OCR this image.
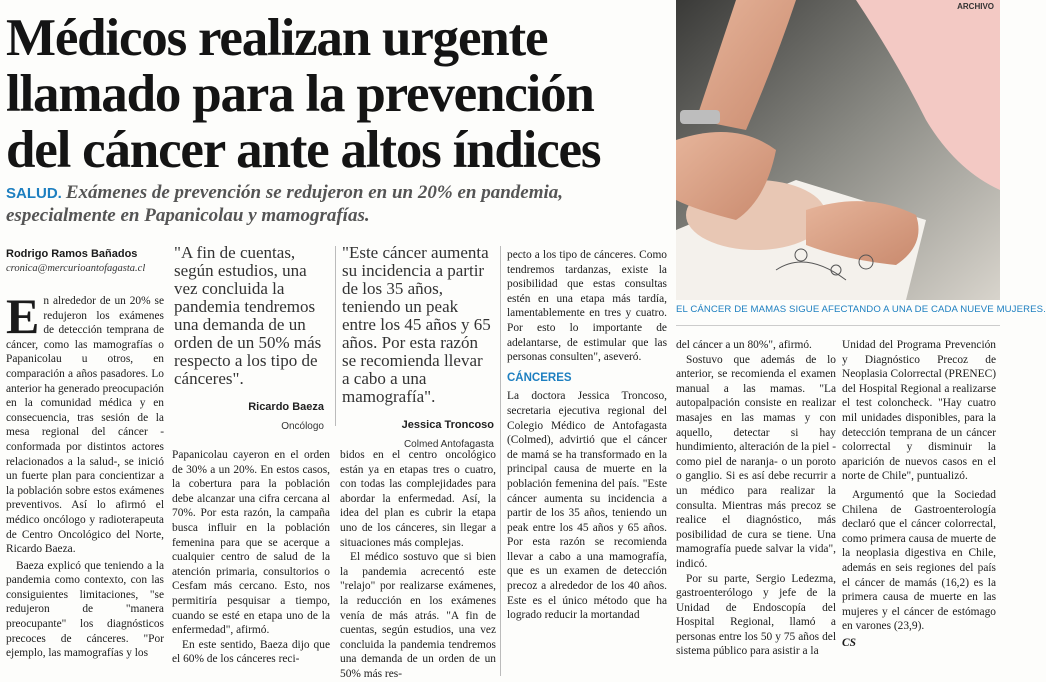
Médicos realizan urgente
llamado para la prevención
del cáncer ante altos índices
SALUD. Exámenes de prevención se redujeron en un 20% en pandemia, especialmente en Papanicolau y mamografías.
ARCHIVO
EL CÁNCER DE MAMAS SIGUE AFECTANDO A UNA DE CADA NUEVE MUJERES.
Rodrigo Ramos Bañados
cronica@mercurioantofagasta.cl

En alrededor de un 20% se redujeron los exámenes de detección temprana de cáncer, como las mamografías o Papanicolau u otros, en comparación a años pasadores. Lo anterior ha generado preocupación en la comunidad médica y en consecuencia, tras sesión de la mesa regional del cáncer -conformada por distintos actores relacionados a la salud-, se inició un fuerte plan para concientizar a la población sobre estos exámenes preventivos. Así lo afirmó el médico oncólogo y radioterapeuta de Centro Oncológico del Norte, Ricardo Baeza.

Baeza explicó que teniendo a la pandemia como contexto, con las consiguientes limitaciones, "se redujeron de "manera preocupante" los diagnósticos precoces de cánceres. "Por ejemplo, las mamografías y los

"A fin de cuentas, según estudios, una vez concluida la pandemia tendremos una demanda de un orden de un 50% más respecto a los tipo de cánceres".
Ricardo Baeza
Oncólogo
"Este cáncer aumenta su incidencia a partir de los 35 años, teniendo un peak entre los 45 años y 65 años. Por esta razón se recomienda llevar a cabo a una mamografía".
Jessica Troncoso
Colmed Antofagasta

Papanicolau cayeron en el orden de 30% a un 20%. En estos casos, la cobertura para la población debe alcanzar una cifra cercana al 70%. Por esta razón, la campaña busca influir en la población femenina para que se acerque a cualquier centro de salud de la atención primaria, consultorios o Cesfam más cercano. Esto, nos permitiría pesquisar a tiempo, cuando se esté en etapa uno de la enfermedad", afirmó.

En este sentido, Baeza dijo que el 60% de los cánceres reci-

bidos en el centro oncológico están ya en etapas tres o cuatro, con todas las complejidades para abordar la enfermedad. Así, la idea del plan es cubrir la etapa uno de los cánceres, sin llegar a situaciones más complejas.

El médico sostuvo que si bien la pandemia acrecentó este "relajo" por realizarse exámenes, la reducción en los exámenes venía de más atrás. "A fin de cuentas, según estudios, una vez concluida la pandemia tendremos una demanda de un orden de un 50% más res-

pecto a los tipo de cánceres. Como tendremos tardanzas, existe la posibilidad que estas consultas estén en una etapa más tardía, lamentablemente en tres y cuatro. Por esto lo importante de adelantarse, de estimular que las personas consulten", aseveró.

CÁNCERES

La doctora Jessica Troncoso, secretaria ejecutiva regional del Colegio Médico de Antofagasta (Colmed), advirtió que el cáncer de mamá se ha transformado en la principal causa de muerte en la población femenina del país. "Este cáncer aumenta su incidencia a partir de los 35 años, teniendo un peak entre los 45 años y 65 años. Por esta razón se recomienda llevar a cabo a una mamografía, que es un examen de detección precoz a alrededor de los 40 años. Este es el único método que ha logrado reducir la mortandad

del cáncer a un 80%", afirmó.

Sostuvo que además de lo anterior, se recomienda el examen manual a las mamas. "La autopalpación consiste en realizar masajes en las mamas y con aquello, detectar si hay hundimiento, alteración de la piel -como piel de naranja- o un poroto o ganglio. Si es así debe recurrir a un médico para realizar la consulta. Mientras más precoz se realice el diagnóstico, más posibilidad de cura se tiene. Una mamografía puede salvar la vida", indicó.

Por su parte, Sergio Ledezma, gastroenterólogo y jefe de la Unidad de Endoscopía del Hospital Regional, llamó a personas entre los 50 y 75 años del sistema público para asistir a la

Unidad del Programa Prevención y Diagnóstico Precoz de Neoplasia Colorrectal (PRENEC) del Hospital Regional a realizarse el test coloncheck. "Hay cuatro mil unidades disponibles, para la detección temprana de un cáncer colorrectal y disminuir la aparición de nuevos casos en el norte de Chile", puntualizó.

Argumentó que la Sociedad Chilena de Gastroenterología declaró que el cáncer colorrectal, como primera causa de muerte de la neoplasia digestiva en Chile, además en seis regiones del país el cáncer de mamás (16,2) es la primera causa de muerte en las mujeres y el cáncer de estómago en varones (23,9).

CS
